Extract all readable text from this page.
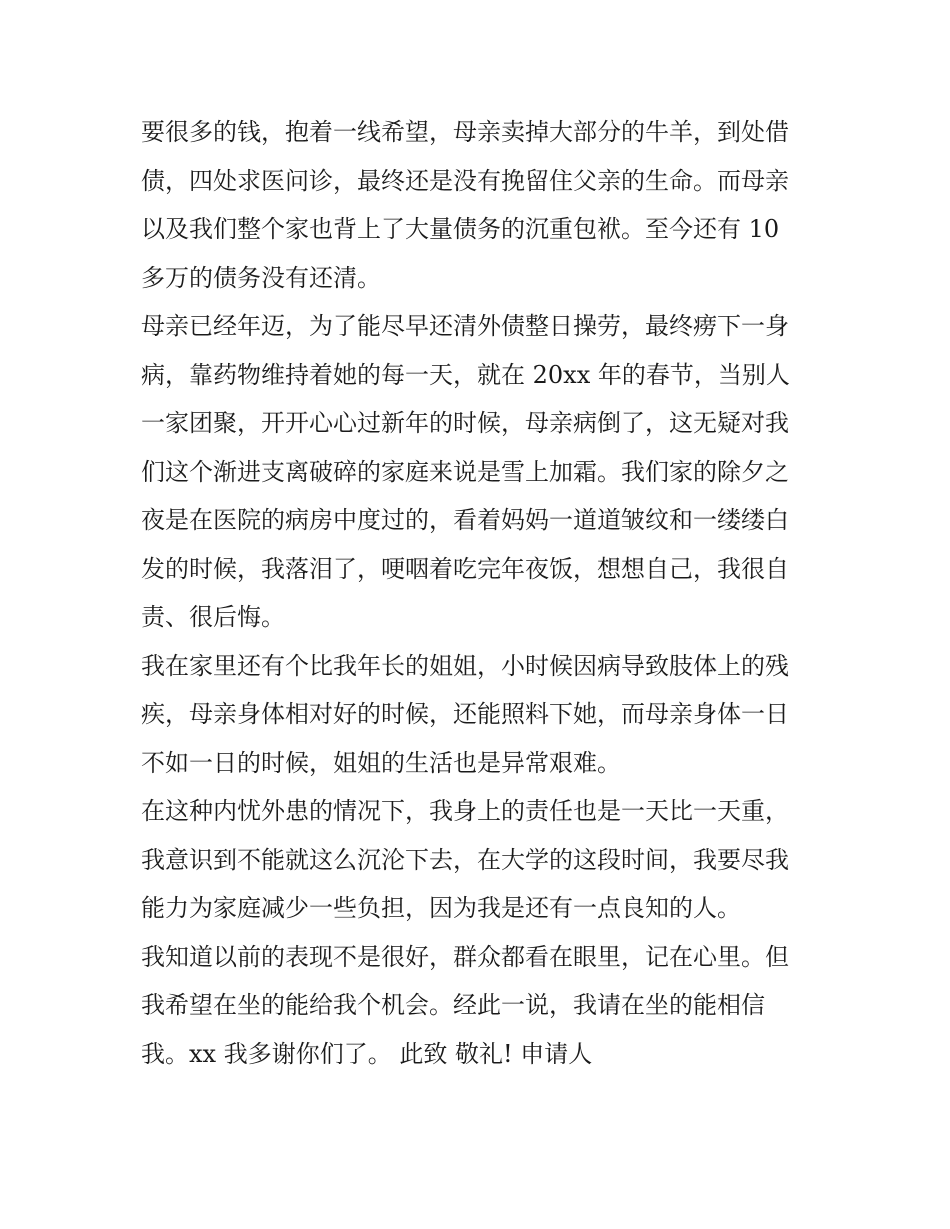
要很多的钱，抱着一线希望，母亲卖掉大部分的牛羊，到处借
债，四处求医问诊，最终还是没有挽留住父亲的生命。而母亲
以及我们整个家也背上了大量债务的沉重包袱。至今还有 10
多万的债务没有还清。
母亲已经年迈，为了能尽早还清外债整日操劳，最终痨下一身
病，靠药物维持着她的每一天，就在 20xx 年的春节，当别人
一家团聚，开开心心过新年的时候，母亲病倒了，这无疑对我
们这个渐进支离破碎的家庭来说是雪上加霜。我们家的除夕之
夜是在医院的病房中度过的，看着妈妈一道道皱纹和一缕缕白
发的时候，我落泪了，哽咽着吃完年夜饭，想想自己，我很自
责、很后悔。
我在家里还有个比我年长的姐姐，小时候因病导致肢体上的残
疾，母亲身体相对好的时候，还能照料下她，而母亲身体一日
不如一日的时候，姐姐的生活也是异常艰难。
在这种内忧外患的情况下，我身上的责任也是一天比一天重，
我意识到不能就这么沉沦下去，在大学的这段时间，我要尽我
能力为家庭减少一些负担，因为我是还有一点良知的人。
我知道以前的表现不是很好，群众都看在眼里，记在心里。但
我希望在坐的能给我个机会。经此一说，我请在坐的能相信
我。xx 我多谢你们了。 此致 敬礼! 申请人
